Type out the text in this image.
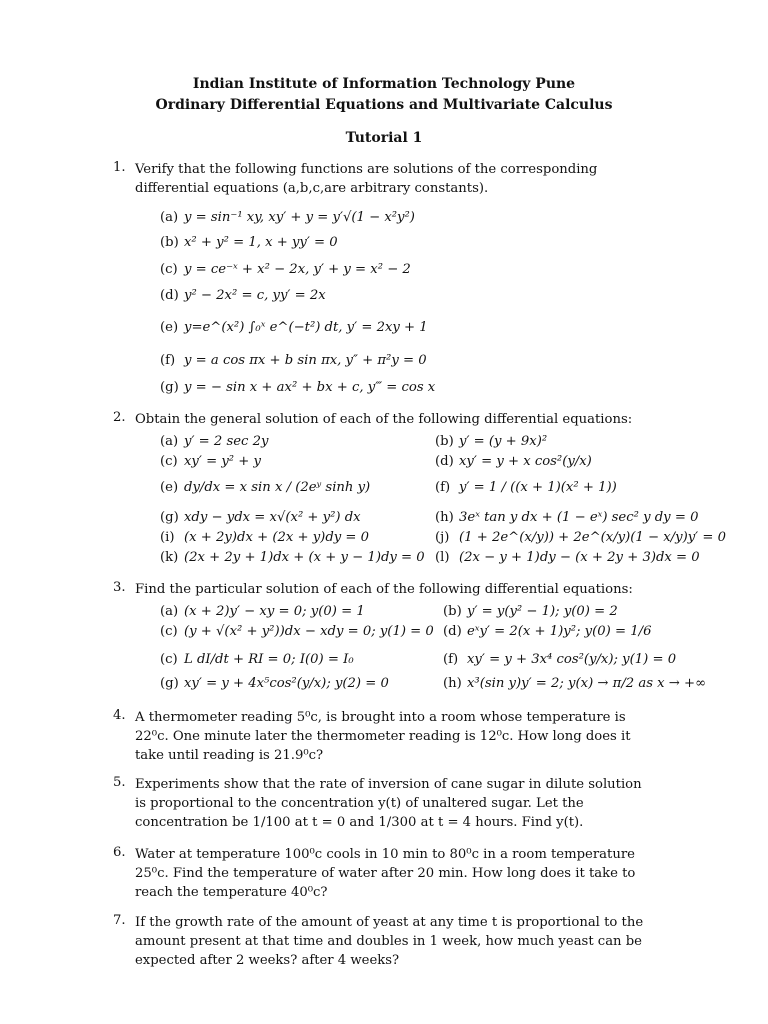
Indian Institute of Information Technology Pune
Ordinary Differential Equations and Multivariate Calculus
Tutorial 1
1. Verify that the following functions are solutions of the corresponding differential equations (a,b,c,are arbitrary constants).
(a) y = sin⁻¹ xy, xy′ + y = y′√(1 − x²y²)
(b) x² + y² = 1, x + yy′ = 0
(c) y = ce⁻ˣ + x² − 2x, y′ + y = x² − 2
(d) y² − 2x² = c, yy′ = 2x
(e) y=e^(x²) ∫₀ˣ e^(−t²) dt, y′ = 2xy + 1
(f) y = a cos πx + b sin πx, y″ + π²y = 0
(g) y = − sin x + ax² + bx + c, y‴ = cos x
2. Obtain the general solution of each of the following differential equations:
(a) y′ = 2 sec 2y	(b) y′ = (y + 9x)²
(c) xy′ = y² + y	(d) xy′ = y + x cos²(y/x)
(e) dy/dx = x sin x / (2eʸ sinh y)	(f) y′ = 1 / ((x + 1)(x² + 1))
(g) xdy − ydx = x√(x² + y²) dx	(h) 3eˣ tan y dx + (1 − eˣ) sec² y dy = 0
(i) (x + 2y)dx + (2x + y)dy = 0	(j) (1 + 2e^(x/y)) + 2e^(x/y)(1 − x/y)y′ = 0
(k) (2x + 2y + 1)dx + (x + y − 1)dy = 0 (l) (2x − y + 1)dy − (x + 2y + 3)dx = 0
3. Find the particular solution of each of the following differential equations:
(a) (x + 2)y′ − xy = 0; y(0) = 1	(b) y′ = y(y² − 1); y(0) = 2
(c) (y + √(x² + y²))dx − xdy = 0; y(1) = 0 (d) eˣy′ = 2(x + 1)y²; y(0) = 1/6
(c) L dI/dt + RI = 0; I(0) = I₀	(f) xy′ = y + 3x⁴ cos²(y/x); y(1) = 0
(g) xy′ = y + 4x⁵cos²(y/x); y(2) = 0	(h) x³(sin y)y′ = 2; y(x) → π/2 as x → +∞
4. A thermometer reading 5⁰c, is brought into a room whose temperature is 22⁰c. One minute later the thermometer reading is 12⁰c. How long does it take until reading is 21.9⁰c?
5. Experiments show that the rate of inversion of cane sugar in dilute solution is proportional to the concentration y(t) of unaltered sugar. Let the concentration be 1/100 at t = 0 and 1/300 at t = 4 hours. Find y(t).
6. Water at temperature 100⁰c cools in 10 min to 80⁰c in a room temperature 25⁰c. Find the temperature of water after 20 min. How long does it take to reach the temperature 40⁰c?
7. If the growth rate of the amount of yeast at any time t is proportional to the amount present at that time and doubles in 1 week, how much yeast can be expected after 2 weeks? after 4 weeks?
